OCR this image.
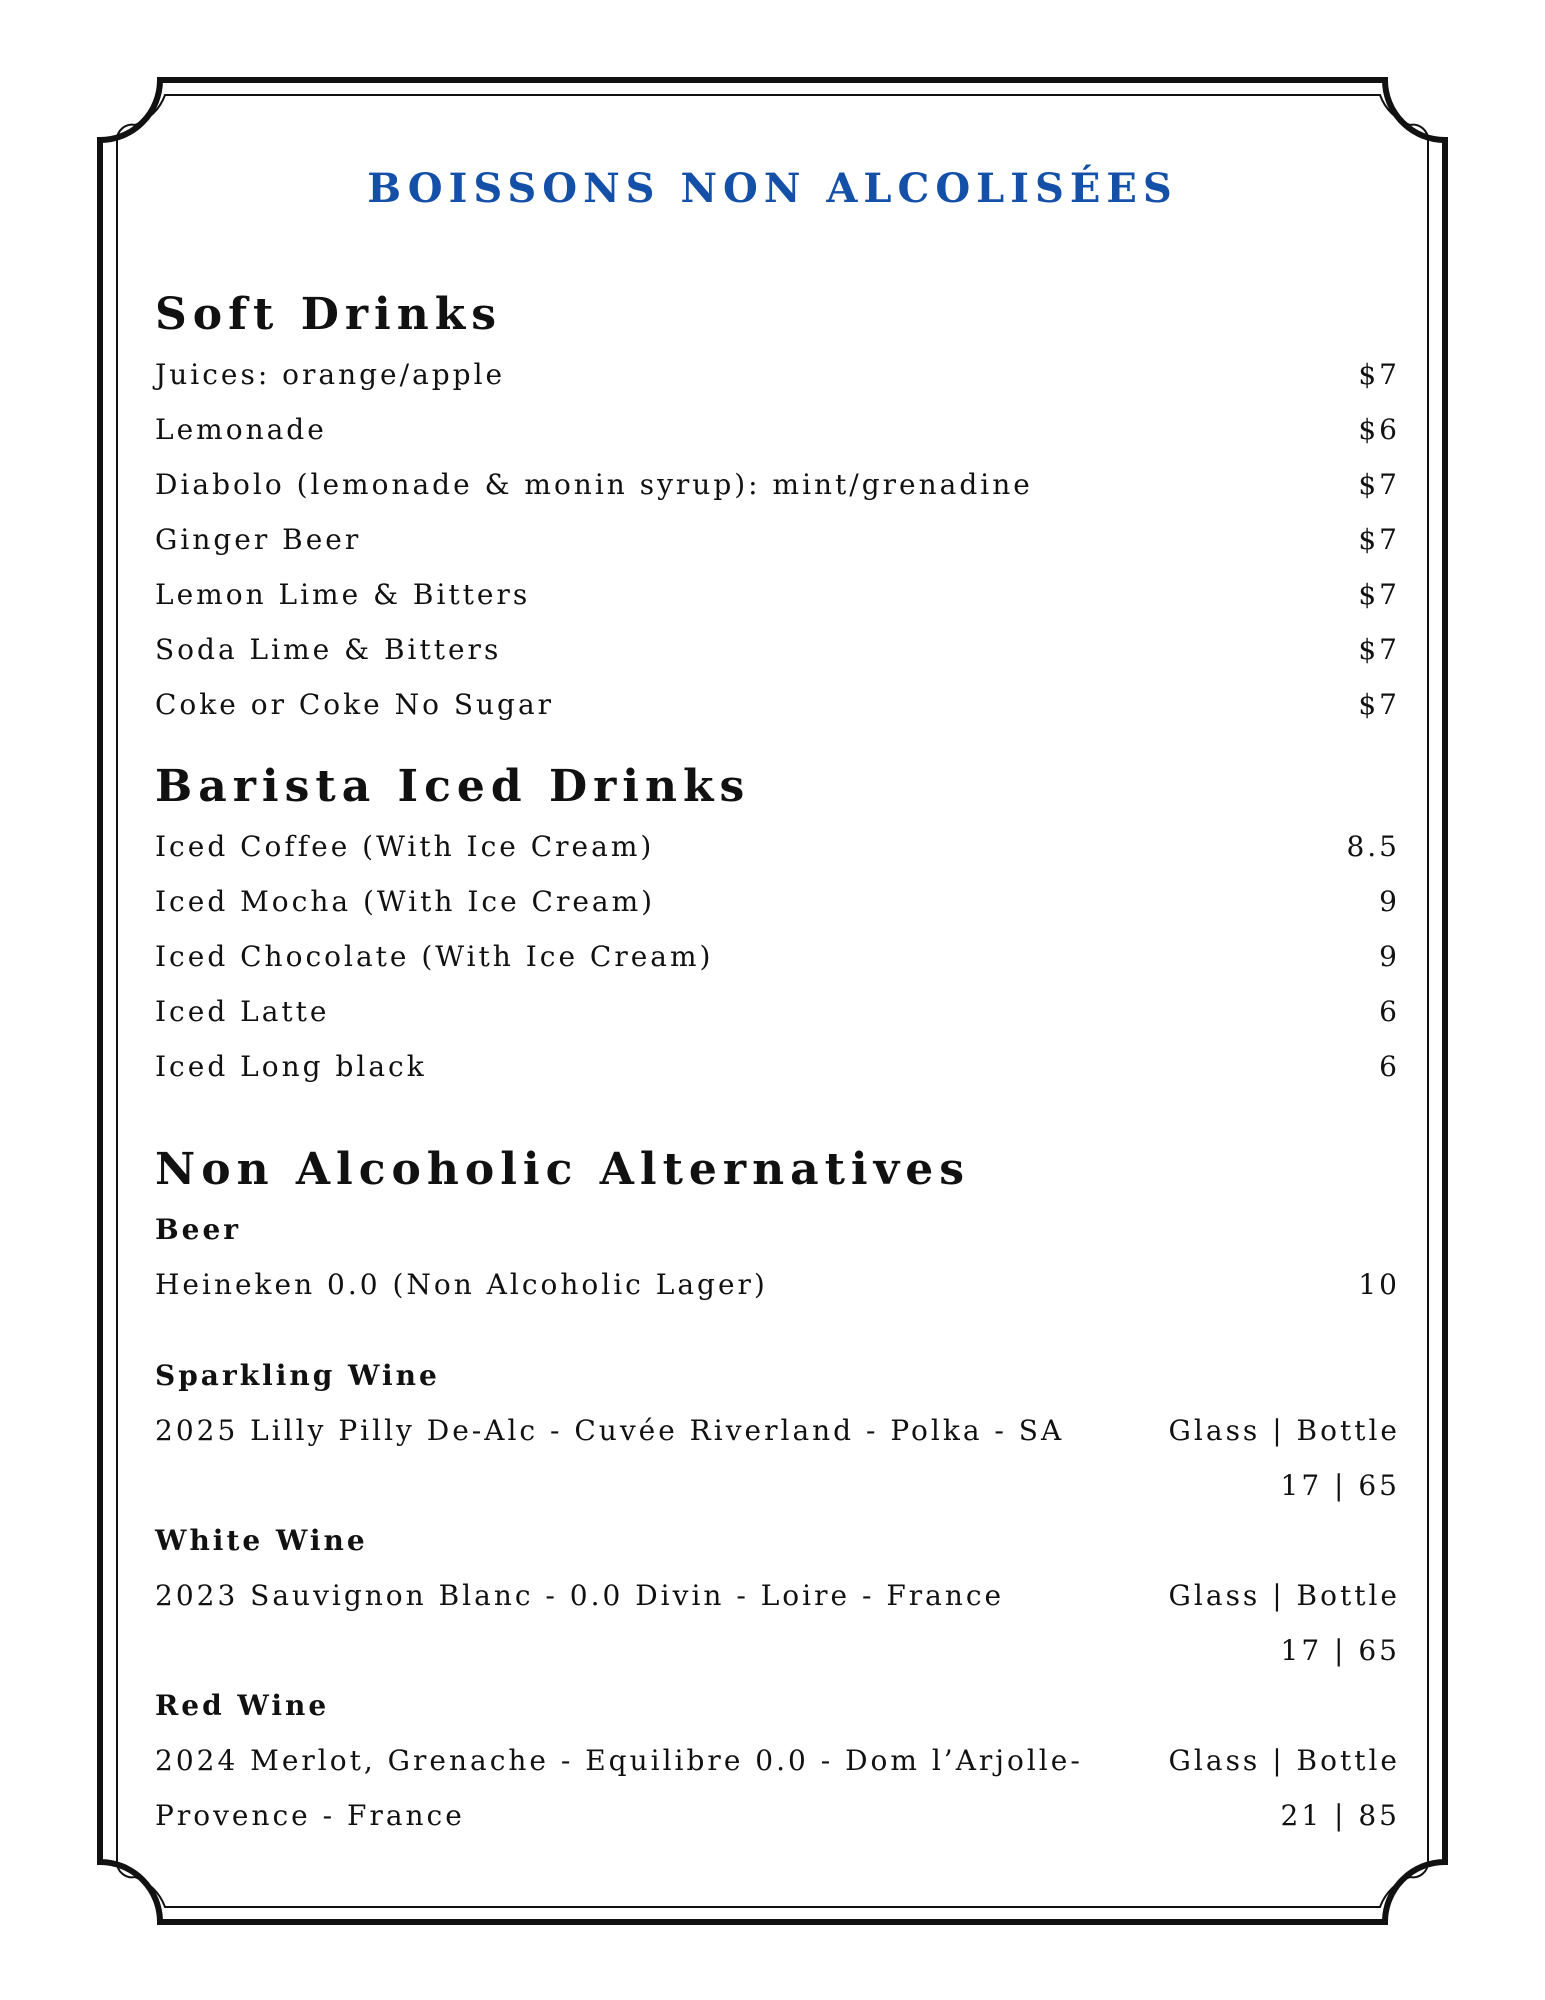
BOISSONS NON ALCOLISÉES
Soft Drinks
Juices: orange/apple	$7
Lemonade	$6
Diabolo (lemonade & monin syrup): mint/grenadine	$7
Ginger Beer	$7
Lemon Lime & Bitters	$7
Soda Lime & Bitters	$7
Coke or Coke No Sugar	$7
Barista Iced Drinks
Iced Coffee (With Ice Cream)	8.5
Iced Mocha (With Ice Cream)	9
Iced Chocolate (With Ice Cream)	9
Iced Latte	6
Iced Long black	6
Non Alcoholic Alternatives
Beer
Heineken 0.0 (Non Alcoholic Lager)	10
Sparkling Wine
2025 Lilly Pilly De-Alc - Cuvée Riverland - Polka - SA	Glass | Bottle
17 | 65
White Wine
2023 Sauvignon Blanc - 0.0 Divin - Loire - France	Glass | Bottle
17 | 65
Red Wine
2024 Merlot, Grenache - Equilibre 0.0 - Dom l’Arjolle- Provence - France
Glass | Bottle
21 | 85
